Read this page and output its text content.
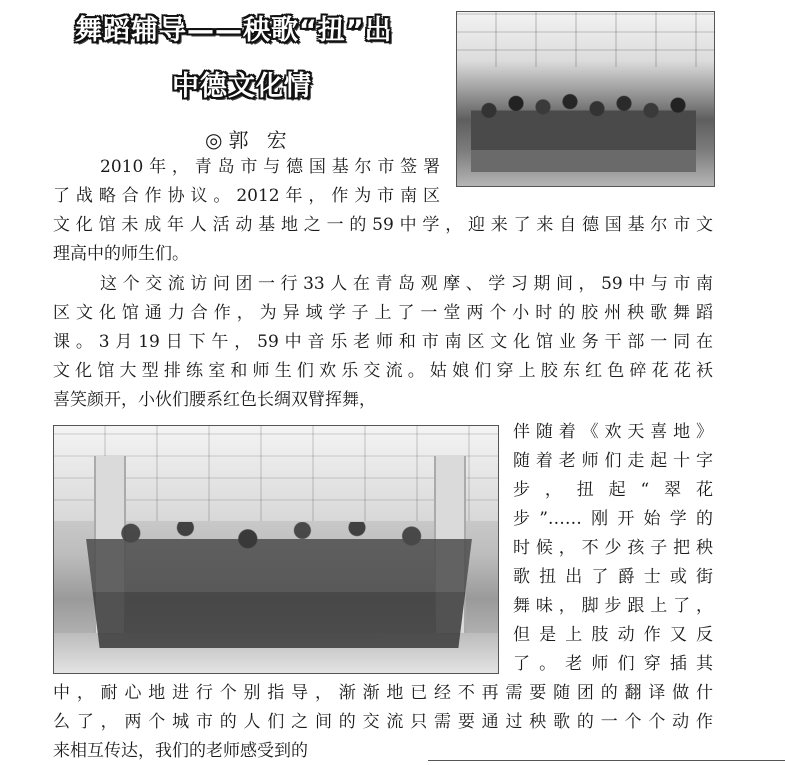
舞蹈辅导——秧歌“扭”出
中德文化情
◎郭 宏
2010年，青岛市与德国基尔市签署
了战略合作协议。2012年，作为市南区
文化馆未成年人活动基地之一的59中学，迎来了来自德国基尔市文
理高中的师生们。
这个交流访问团一行33人在青岛观摩、学习期间，59中与市南
区文化馆通力合作，为异域学子上了一堂两个小时的胶州秧歌舞蹈
课。3月19日下午，59中音乐老师和市南区文化馆业务干部一同在
文化馆大型排练室和师生们欢乐交流。姑娘们穿上胶东红色碎花花袄
喜笑颜开，小伙们腰系红色长绸双臂挥舞，
伴随着《欢天喜地》
随着老师们走起十字
步，扭起“翠花
步”……刚开始学的
时候，不少孩子把秧
歌扭出了爵士或街
舞味，脚步跟上了，
但是上肢动作又反
了。老师们穿插其
中，耐心地进行个别指导，渐渐地已经不再需要随团的翻译做什
么了，两个城市的人们之间的交流只需要通过秧歌的一个个动作
来相互传达，我们的老师感受到的
